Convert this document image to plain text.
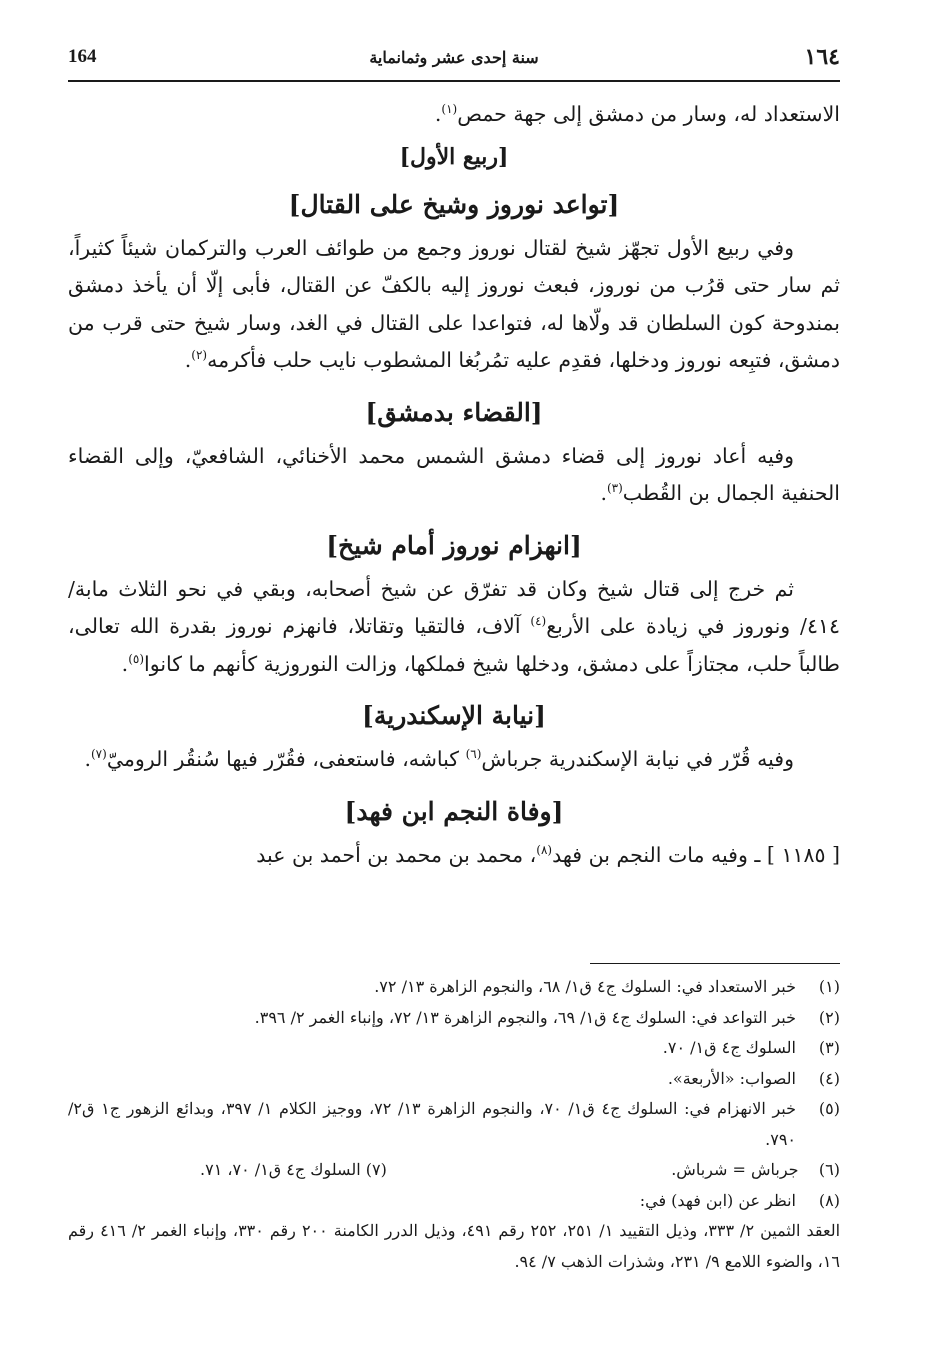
164	سنة إحدى عشر وثمانماية	١٦٤

الاستعداد له، وسار من دمشق إلى جهة حمص$^{(١)}$.

[ربيع الأول]
[تواعد نوروز وشيخ على القتال]

وفي ربيع الأول تجهّز شيخ لقتال نوروز وجمع من طوائف العرب والتركمان شيئاً كثيراً، ثم سار حتى قرُب من نوروز، فبعث نوروز إليه بالكفّ عن القتال، فأبى إلّا أن يأخذ دمشق بمندوحة كون السلطان قد ولّاها له، فتواعدا على القتال في الغد، وسار شيخ حتى قرب من دمشق، فتبِعه نوروز ودخلها، فقدِم عليه تمُربُغا المشطوب نايب حلب فأكرمه$^{(٢)}$.

[القضاء بدمشق]

وفيه أعاد نوروز إلى قضاء دمشق الشمس محمد الأخنائي، الشافعيّ، وإلى القضاء الحنفية الجمال بن القُطب$^{(٣)}$.

[انهزام نوروز أمام شيخ]

ثم خرج إلى قتال شيخ وكان قد تفرّق عن شيخ أصحابه، وبقي في نحو الثلاث مابة/ ٤١٤/ ونوروز في زيادة على الأربع$^{(٤)}$ آلاف، فالتقيا وتقاتلا، فانهزم نوروز بقدرة الله تعالى، طالباً حلب، مجتازاً على دمشق، ودخلها شيخ فملكها، وزالت النوروزية كأنهم ما كانوا$^{(٥)}$.

[نيابة الإسكندرية]

وفيه قُرّر في نيابة الإسكندرية جرباش$^{(٦)}$ كباشه، فاستعفى، فقُرّر فيها سُنقُر الروميّ$^{(٧)}$.

[وفاة النجم ابن فهد]

[ ١١٨٥ ] ـ وفيه مات النجم بن فهد$^{(٨)}$، محمد بن محمد بن أحمد بن عبد

(١)
خبر الاستعداد في: السلوك ج٤ ق١/ ٦٨، والنجوم الزاهرة ١٣/ ٧٢.
(٢)
خبر التواعد في: السلوك ج٤ ق١/ ٦٩، والنجوم الزاهرة ١٣/ ٧٢، وإنباء الغمر ٢/ ٣٩٦.
(٣)
السلوك ج٤ ق١/ ٧٠.
(٤)
الصواب: «الأربعة».
(٥)
خبر الانهزام في: السلوك ج٤ ق١/ ٧٠، والنجوم الزاهرة ١٣/ ٧٢، ووجيز الكلام ١/ ٣٩٧، وبدائع الزهور ج١ ق٢/ ٧٩٠.
(٦)    جرباش = شرباش.
(٧) السلوك ج٤ ق١/ ٧٠، ٧١.
(٨)
انظر عن (ابن فهد) في:
العقد الثمين ٢/ ٣٣٣، وذيل التقييد ١/ ٢٥١، ٢٥٢ رقم ٤٩١، وذيل الدرر الكامنة ٢٠٠ رقم ٣٣٠، وإنباء الغمر ٢/ ٤١٦ رقم ١٦، والضوء اللامع ٩/ ٢٣١، وشذرات الذهب ٧/ ٩٤.
